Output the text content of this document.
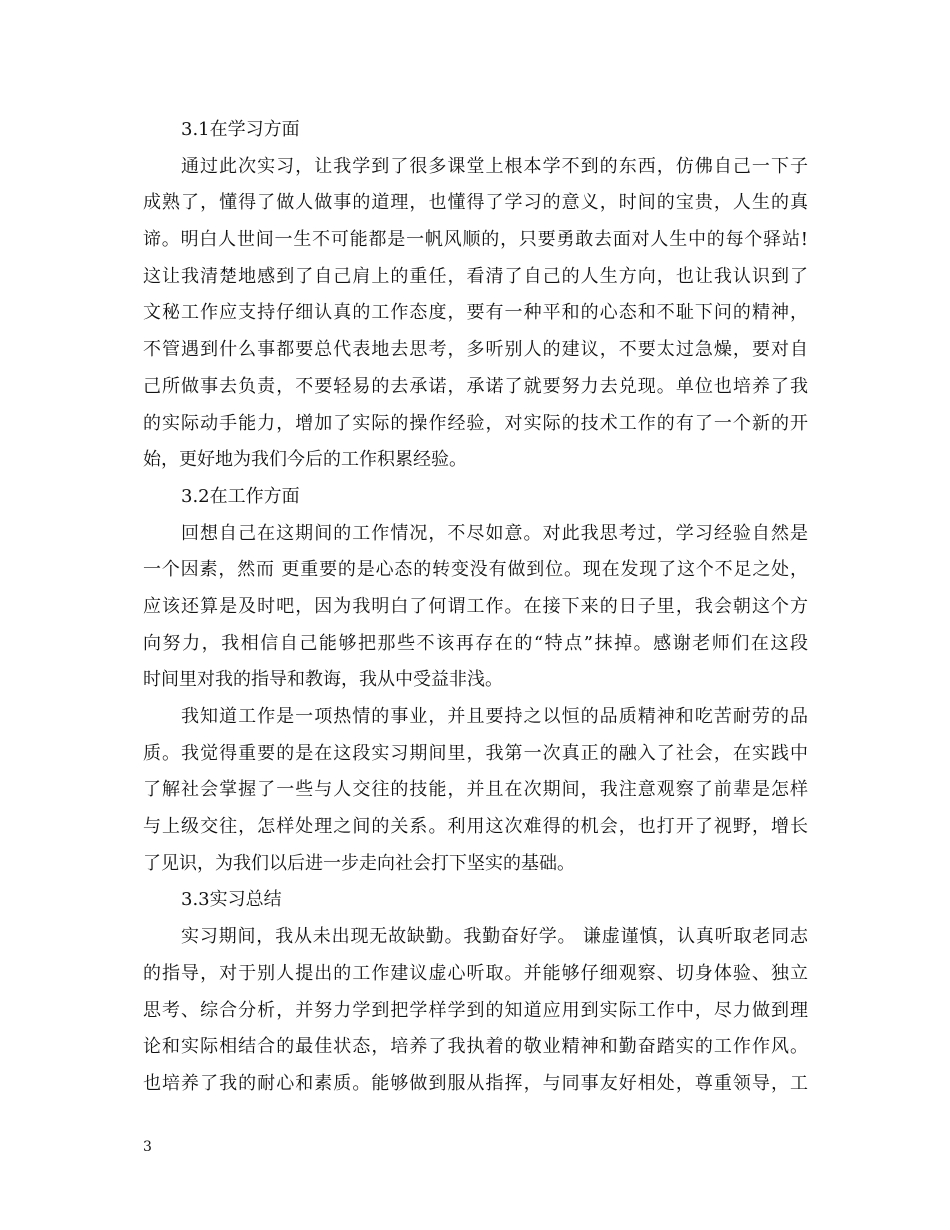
3.1在学习方面
通过此次实习，让我学到了很多课堂上根本学不到的东西，仿佛自己一下子
成熟了，懂得了做人做事的道理，也懂得了学习的意义，时间的宝贵，人生的真
谛。明白人世间一生不可能都是一帆风顺的，只要勇敢去面对人生中的每个驿站!
这让我清楚地感到了自己肩上的重任，看清了自己的人生方向，也让我认识到了
文秘工作应支持仔细认真的工作态度，要有一种平和的心态和不耻下问的精神，
不管遇到什么事都要总代表地去思考，多听别人的建议，不要太过急燥，要对自
己所做事去负责，不要轻易的去承诺，承诺了就要努力去兑现。单位也培养了我
的实际动手能力，增加了实际的操作经验，对实际的技术工作的有了一个新的开
始，更好地为我们今后的工作积累经验。
3.2在工作方面
回想自己在这期间的工作情况，不尽如意。对此我思考过，学习经验自然是
一个因素，然而 更重要的是心态的转变没有做到位。现在发现了这个不足之处，
应该还算是及时吧，因为我明白了何谓工作。在接下来的日子里，我会朝这个方
向努力，我相信自己能够把那些不该再存在的“特点”抹掉。感谢老师们在这段
时间里对我的指导和教诲，我从中受益非浅。
我知道工作是一项热情的事业，并且要持之以恒的品质精神和吃苦耐劳的品
质。我觉得重要的是在这段实习期间里，我第一次真正的融入了社会，在实践中
了解社会掌握了一些与人交往的技能，并且在次期间，我注意观察了前辈是怎样
与上级交往，怎样处理之间的关系。利用这次难得的机会，也打开了视野，增长
了见识，为我们以后进一步走向社会打下坚实的基础。
3.3实习总结
实习期间，我从未出现无故缺勤。我勤奋好学。 谦虚谨慎，认真听取老同志
的指导，对于别人提出的工作建议虚心听取。并能够仔细观察、切身体验、独立
思考、综合分析，并努力学到把学样学到的知道应用到实际工作中，尽力做到理
论和实际相结合的最佳状态，培养了我执着的敬业精神和勤奋踏实的工作作风。
也培养了我的耐心和素质。能够做到服从指挥，与同事友好相处，尊重领导，工
3
